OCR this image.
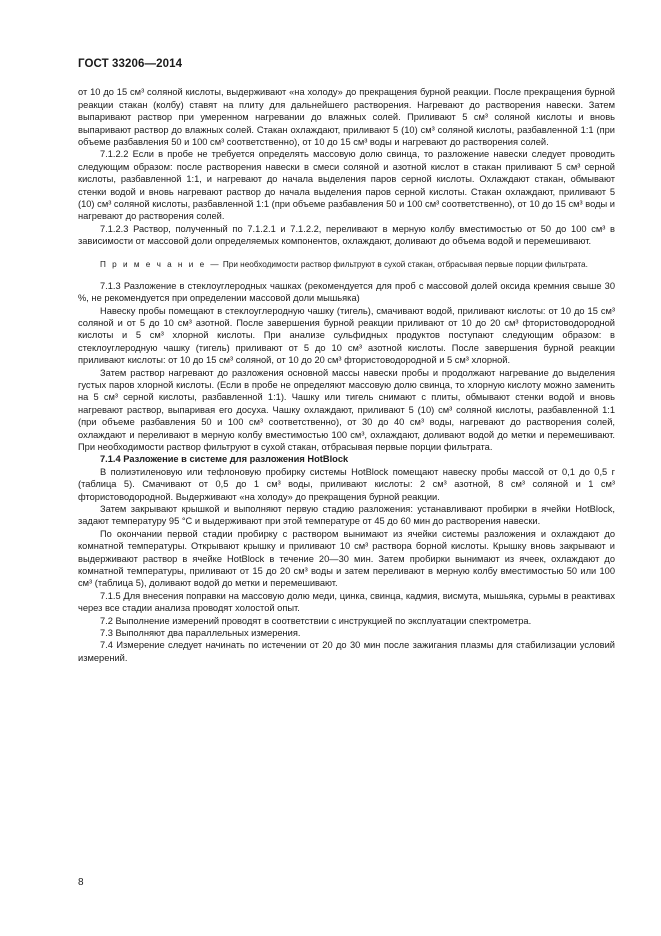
ГОСТ 33206—2014

от 10 до 15 см³ соляной кислоты, выдерживают «на холоду» до прекращения бурной реакции. После прекращения бурной реакции стакан (колбу) ставят на плиту для дальнейшего растворения. Нагревают до растворения навески. Затем выпаривают раствор при умеренном нагревании до влажных солей. Приливают 5 см³ соляной кислоты и вновь выпаривают раствор до влажных солей. Стакан охлаждают, приливают 5 (10) см³ соляной кислоты, разбавленной 1:1 (при объеме разбавления 50 и 100 см³ соответственно), от 10 до 15 см³ воды и нагревают до растворения солей.

7.1.2.2 Если в пробе не требуется определять массовую долю свинца, то разложение навески следует проводить следующим образом: после растворения навески в смеси соляной и азотной кислот в стакан приливают 5 см³ серной кислоты, разбавленной 1:1, и нагревают до начала выделения паров серной кислоты. Охлаждают стакан, обмывают стенки водой и вновь нагревают раствор до начала выделения паров серной кислоты. Стакан охлаждают, приливают 5 (10) см³ соляной кислоты, разбавленной 1:1 (при объеме разбавления 50 и 100 см³ соответственно), от 10 до 15 см³ воды и нагревают до растворения солей.

7.1.2.3 Раствор, полученный по 7.1.2.1 и 7.1.2.2, переливают в мерную колбу вместимостью от 50 до 100 см³ в зависимости от массовой доли определяемых компонентов, охлаждают, доливают до объема водой и перемешивают.

П р и м е ч а н и е — При необходимости раствор фильтруют в сухой стакан, отбрасывая первые порции фильтрата.

7.1.3 Разложение в стеклоуглеродных чашках (рекомендуется для проб с массовой долей оксида кремния свыше 30 %, не рекомендуется при определении массовой доли мышьяка)

Навеску пробы помещают в стеклоуглеродную чашку (тигель), смачивают водой, приливают кислоты: от 10 до 15 см³ соляной и от 5 до 10 см³ азотной. После завершения бурной реакции приливают от 10 до 20 см³ фтористоводородной кислоты и 5 см³ хлорной кислоты. При анализе сульфидных продуктов поступают следующим образом: в стеклоуглеродную чашку (тигель) приливают от 5 до 10 см³ азотной кислоты. После завершения бурной реакции приливают кислоты: от 10 до 15 см³ соляной, от 10 до 20 см³ фтористоводородной и 5 см³ хлорной.

Затем раствор нагревают до разложения основной массы навески пробы и продолжают нагревание до выделения густых паров хлорной кислоты. (Если в пробе не определяют массовую долю свинца, то хлорную кислоту можно заменить на 5 см³ серной кислоты, разбавленной 1:1). Чашку или тигель снимают с плиты, обмывают стенки водой и вновь нагревают раствор, выпаривая его досуха. Чашку охлаждают, приливают 5 (10) см³ соляной кислоты, разбавленной 1:1 (при объеме разбавления 50 и 100 см³ соответственно), от 30 до 40 см³ воды, нагревают до растворения солей, охлаждают и переливают в мерную колбу вместимостью 100 см³, охлаждают, доливают водой до метки и перемешивают. При необходимости раствор фильтруют в сухой стакан, отбрасывая первые порции фильтрата.

7.1.4 Разложение в системе для разложения HotBlock

В полиэтиленовую или тефлоновую пробирку системы HotBlock помещают навеску пробы массой от 0,1 до 0,5 г (таблица 5). Смачивают от 0,5 до 1 см³ воды, приливают кислоты: 2 см³ азотной, 8 см³ соляной и 1 см³ фтористоводородной. Выдерживают «на холоду» до прекращения бурной реакции.

Затем закрывают крышкой и выполняют первую стадию разложения: устанавливают пробирки в ячейки HotBlock, задают температуру 95 °С и выдерживают при этой температуре от 45 до 60 мин до растворения навески.

По окончании первой стадии пробирку с раствором вынимают из ячейки системы разложения и охлаждают до комнатной температуры. Открывают крышку и приливают 10 см³ раствора борной кислоты. Крышку вновь закрывают и выдерживают раствор в ячейке HotBlock в течение 20—30 мин. Затем пробирки вынимают из ячеек, охлаждают до комнатной температуры, приливают от 15 до 20 см³ воды и затем переливают в мерную колбу вместимостью 50 или 100 см³ (таблица 5), доливают водой до метки и перемешивают.

7.1.5 Для внесения поправки на массовую долю меди, цинка, свинца, кадмия, висмута, мышьяка, сурьмы в реактивах через все стадии анализа проводят холостой опыт.

7.2 Выполнение измерений проводят в соответствии с инструкцией по эксплуатации спектрометра.

7.3 Выполняют два параллельных измерения.

7.4 Измерение следует начинать по истечении от 20 до 30 мин после зажигания плазмы для стабилизации условий измерений.

8
